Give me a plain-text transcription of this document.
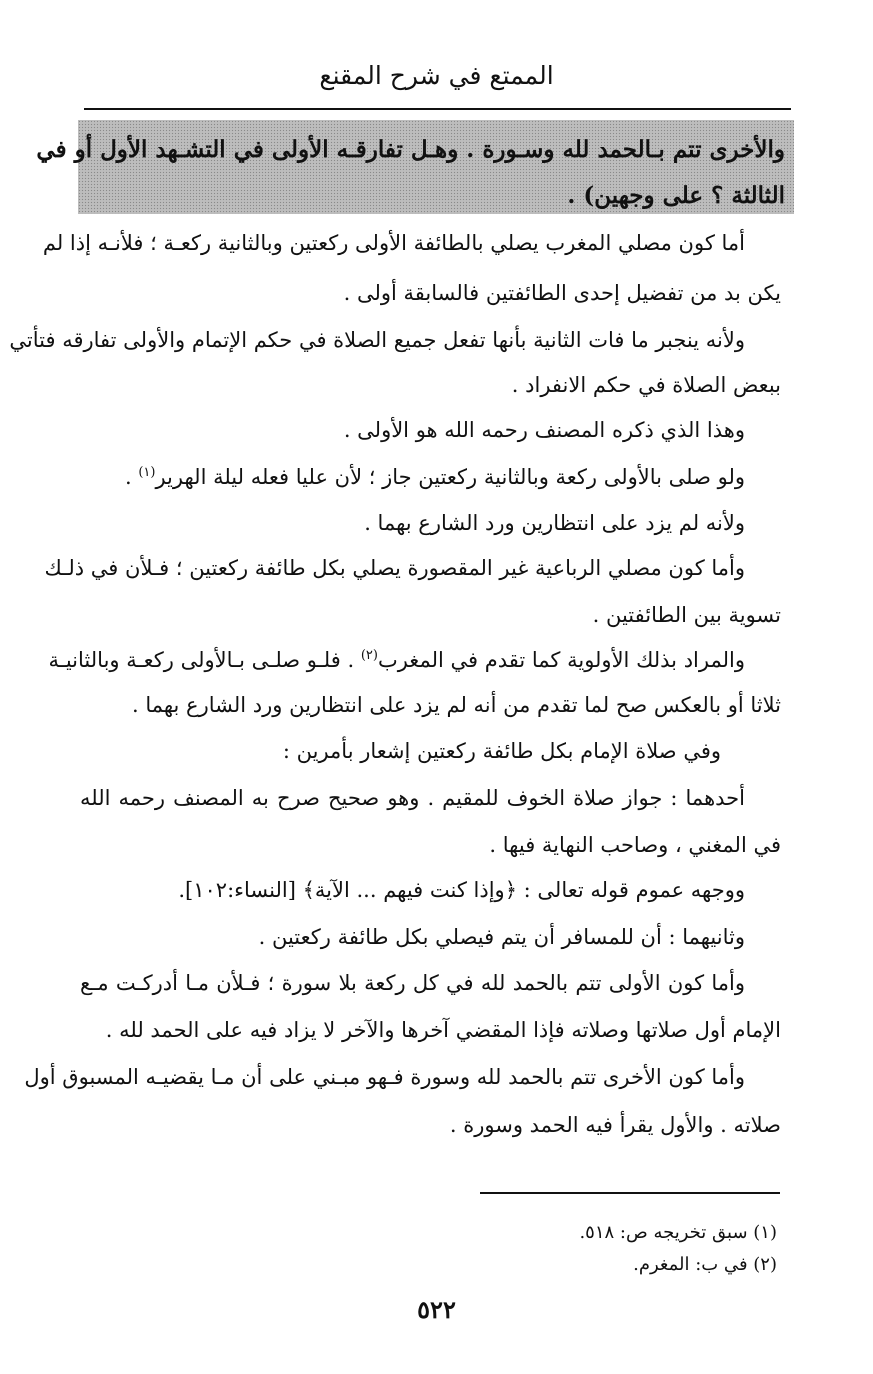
الممتع في شرح المقنع
والأخرى تتم بـالحمد لله وسـورة . وهـل تفارقـه الأولى في التشـهد الأول أو في
الثالثة ؟ على وجهين) .
أما كون مصلي المغرب يصلي بالطائفة الأولى ركعتين وبالثانية ركعـة ؛ فلأنـه إذا لم
يكن بد من تفضيل إحدى الطائفتين فالسابقة أولى .
ولأنه ينجبر ما فات الثانية بأنها تفعل جميع الصلاة في حكم الإتمام والأولى تفارقه فتأتي
ببعض الصلاة في حكم الانفراد .
وهذا الذي ذكره المصنف رحمه الله هو الأولى .
ولو صلى بالأولى ركعة وبالثانية ركعتين جاز ؛ لأن عليا فعله ليلة الهرير$^{(١)}$ .
ولأنه لم يزد على انتظارين ورد الشارع بهما .
وأما كون مصلي الرباعية غير المقصورة يصلي بكل طائفة ركعتين ؛ فـلأن في ذلـك
تسوية بين الطائفتين .
والمراد بذلك الأولوية كما تقدم في المغرب$^{(٢)}$ . فلـو صلـى بـالأولى ركعـة وبالثانيـة
ثلاثا أو بالعكس صح لما تقدم من أنه لم يزد على انتظارين ورد الشارع بهما .
وفي صلاة الإمام بكل طائفة ركعتين إشعار بأمرين :
أحدهما : جواز صلاة الخوف للمقيم . وهو صحيح صرح به المصنف رحمه الله
في المغني ، وصاحب النهاية فيها .
ووجهه عموم قوله تعالى : ﴿وإذا كنت فيهم ... الآية﴾ [النساء:١٠٢].
وثانيهما : أن للمسافر أن يتم فيصلي بكل طائفة ركعتين .
وأما كون الأولى تتم بالحمد لله في كل ركعة بلا سورة ؛ فـلأن مـا أدركـت مـع
الإمام أول صلاتها وصلاته فإذا المقضي آخرها والآخر لا يزاد فيه على الحمد لله .
وأما كون الأخرى تتم بالحمد لله وسورة فـهو مبـني على أن مـا يقضيـه المسبوق أول
صلاته . والأول يقرأ فيه الحمد وسورة .
(١) سبق تخريجه ص: ٥١٨.
(٢) في ب: المغرم.
٥٢٢
